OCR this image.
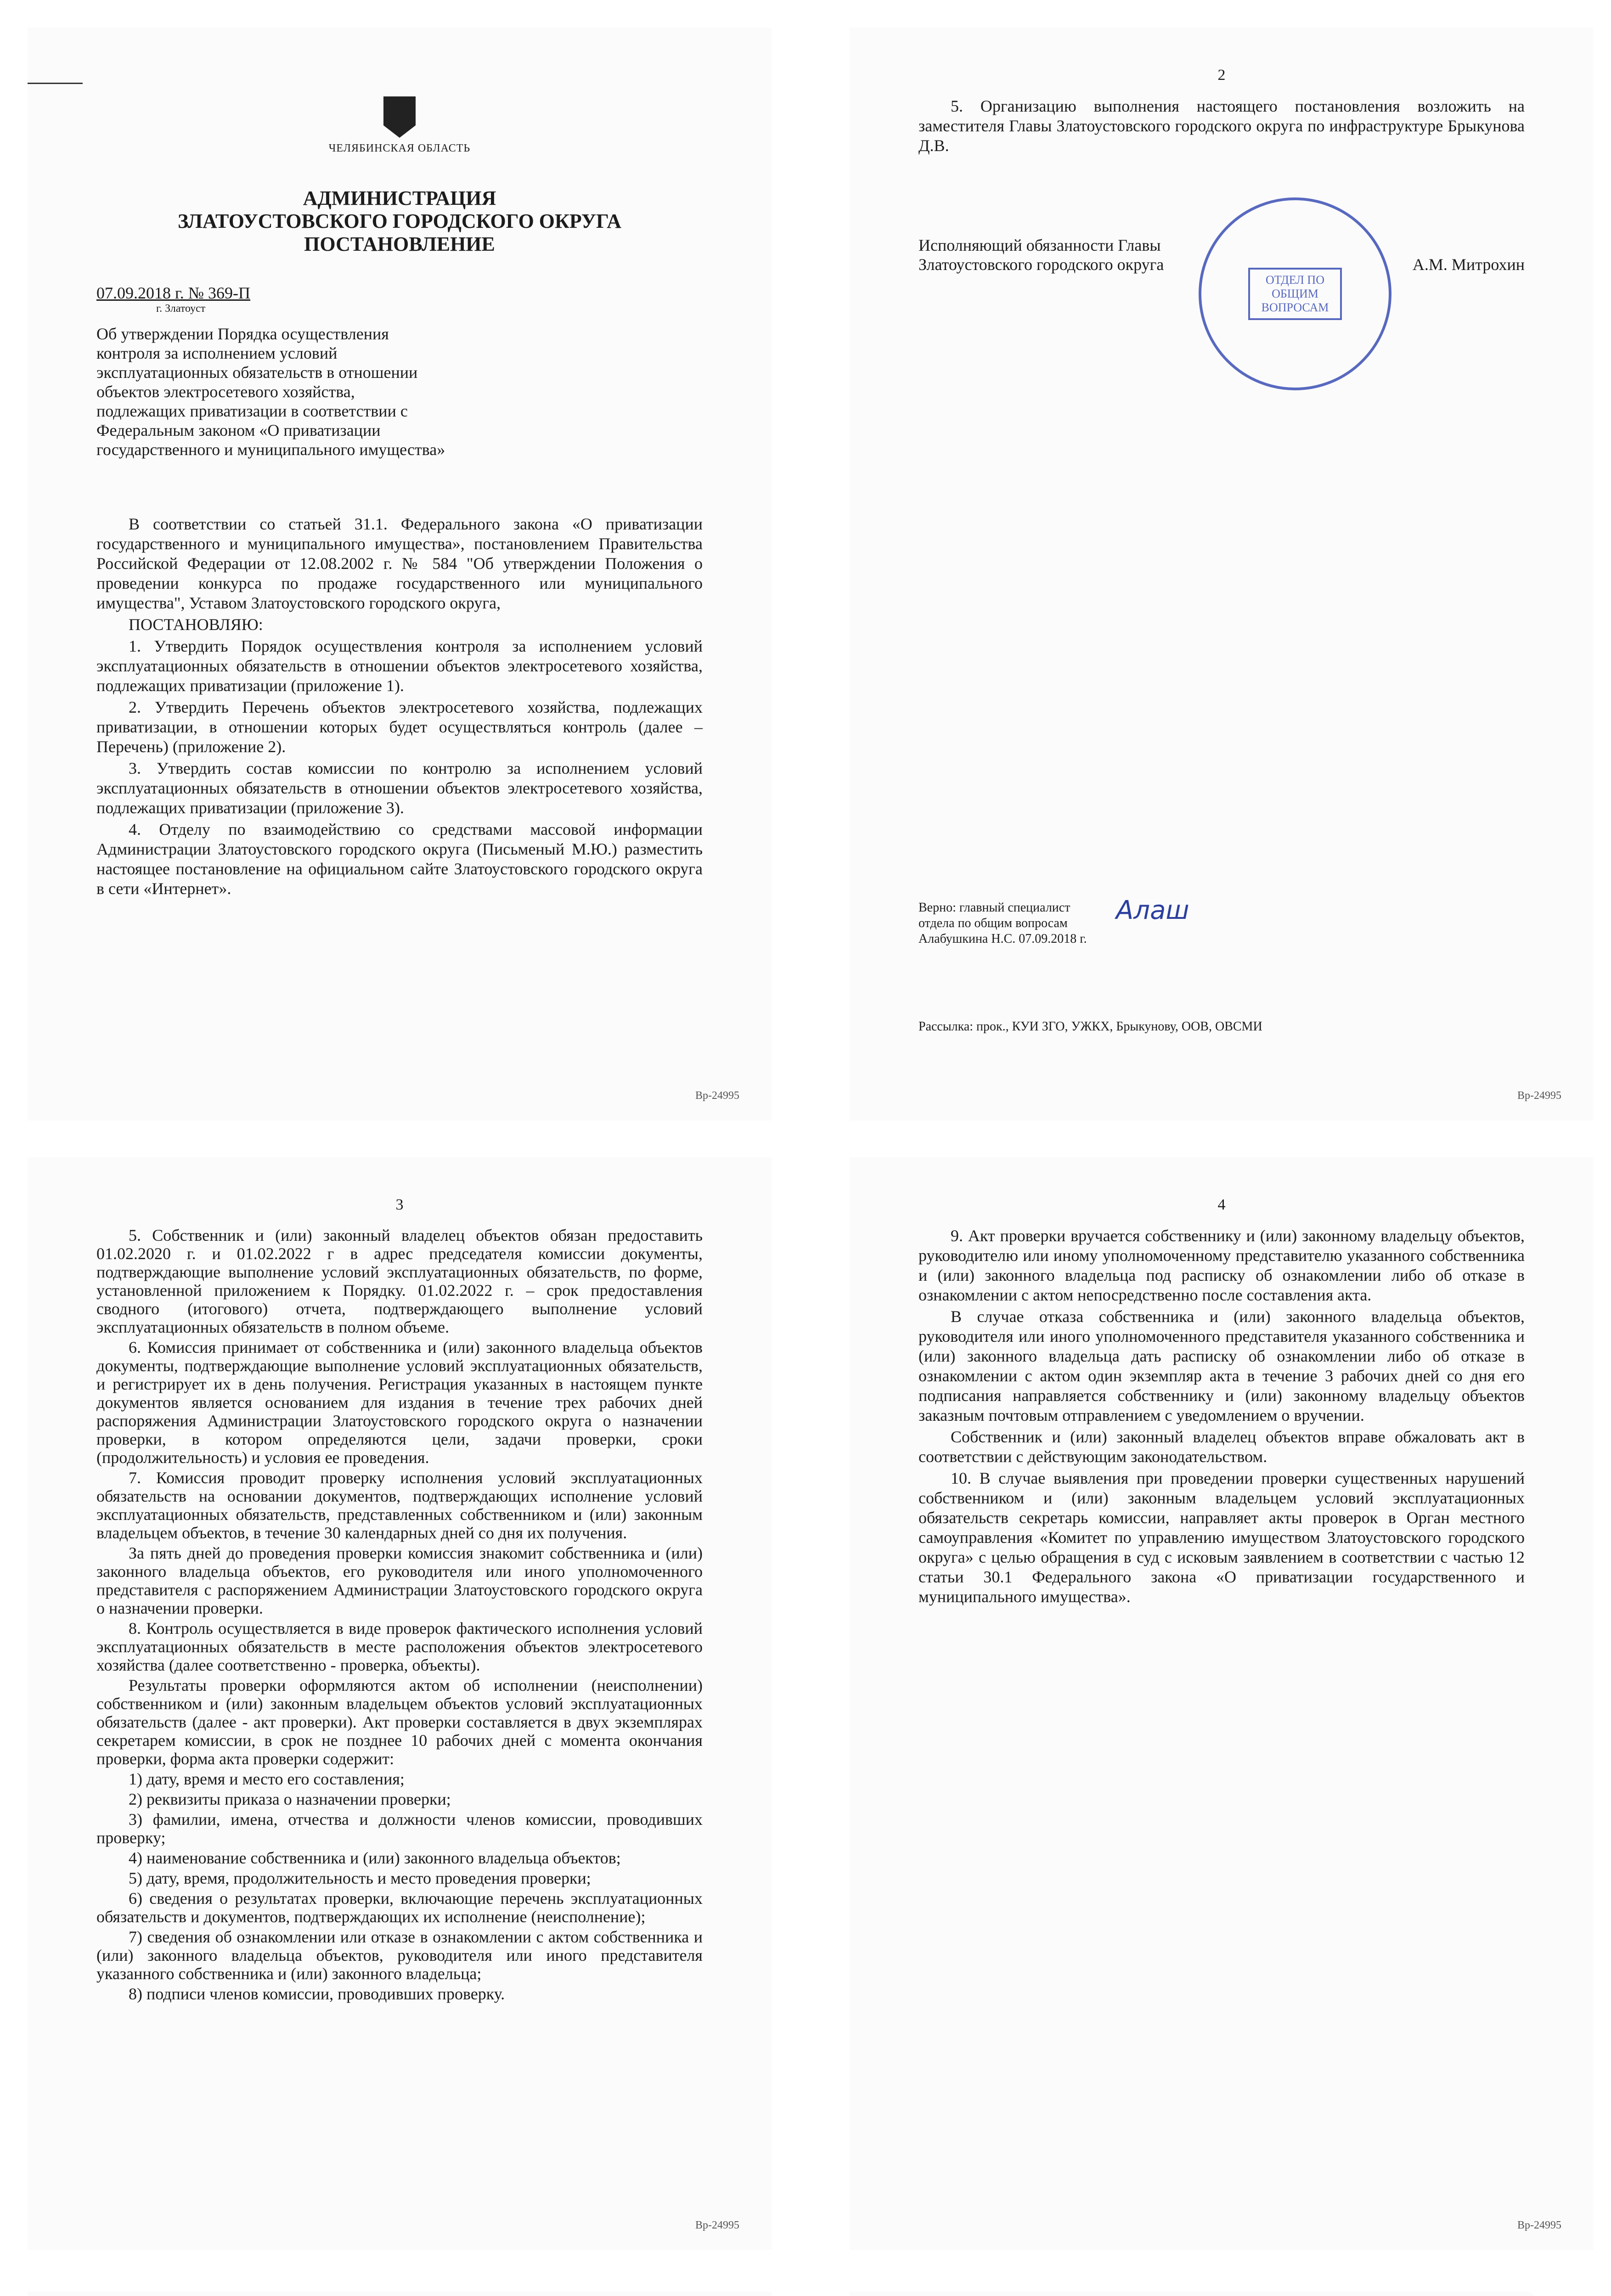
ЧЕЛЯБИНСКАЯ ОБЛАСТЬ
АДМИНИСТРАЦИЯ
ЗЛАТОУСТОВСКОГО ГОРОДСКОГО ОКРУГА
ПОСТАНОВЛЕНИЕ
07.09.2018 г. № 369-П
г. Златоуст
Об утверждении Порядка осуществления контроля за исполнением условий эксплуатационных обязательств в отношении объектов электросетевого хозяйства, подлежащих приватизации в соответствии с Федеральным законом «О приватизации государственного и муниципального имущества»

В соответствии со статьей 31.1. Федерального закона «О приватизации государственного и муниципального имущества», постановлением Правительства Российской Федерации от 12.08.2002 г. № 584 "Об утверждении Положения о проведении конкурса по продаже государственного или муниципального имущества", Уставом Златоустовского городского округа,

ПОСТАНОВЛЯЮ:

1. Утвердить Порядок осуществления контроля за исполнением условий эксплуатационных обязательств в отношении объектов электросетевого хозяйства, подлежащих приватизации (приложение 1).

2. Утвердить Перечень объектов электросетевого хозяйства, подлежащих приватизации, в отношении которых будет осуществляться контроль (далее – Перечень) (приложение 2).

3. Утвердить состав комиссии по контролю за исполнением условий эксплуатационных обязательств в отношении объектов электросетевого хозяйства, подлежащих приватизации (приложение 3).

4. Отделу по взаимодействию со средствами массовой информации Администрации Златоустовского городского округа (Письменый М.Ю.) разместить настоящее постановление на официальном сайте Златоустовского городского округа в сети «Интернет».

Вр-24995
2

5. Организацию выполнения настоящего постановления возложить на заместителя Главы Златоустовского городского округа по инфраструктуре Брыкунова Д.В.

Исполняющий обязанности Главы
Златоустовского городского округа	А.М. Митрохин
ОТДЕЛ ПО ОБЩИМ ВОПРОСАМ
Верно: главный специалист
отдела по общим вопросам
Алабушкина Н.С. 07.09.2018 г.
Алаш
Рассылка: прок., КУИ ЗГО, УЖКХ, Брыкунову, ООВ, ОВСМИ
Вр-24995
3

5. Собственник и (или) законный владелец объектов обязан предоставить 01.02.2020 г. и 01.02.2022 г в адрес председателя комиссии документы, подтверждающие выполнение условий эксплуатационных обязательств, по форме, установленной приложением к Порядку. 01.02.2022 г. – срок предоставления сводного (итогового) отчета, подтверждающего выполнение условий эксплуатационных обязательств в полном объеме.

6. Комиссия принимает от собственника и (или) законного владельца объектов документы, подтверждающие выполнение условий эксплуатационных обязательств, и регистрирует их в день получения. Регистрация указанных в настоящем пункте документов является основанием для издания в течение трех рабочих дней распоряжения Администрации Златоустовского городского округа о назначении проверки, в котором определяются цели, задачи проверки, сроки (продолжительность) и условия ее проведения.

7. Комиссия проводит проверку исполнения условий эксплуатационных обязательств на основании документов, подтверждающих исполнение условий эксплуатационных обязательств, представленных собственником и (или) законным владельцем объектов, в течение 30 календарных дней со дня их получения.

За пять дней до проведения проверки комиссия знакомит собственника и (или) законного владельца объектов, его руководителя или иного уполномоченного представителя с распоряжением Администрации Златоустовского городского округа о назначении проверки.

8. Контроль осуществляется в виде проверок фактического исполнения условий эксплуатационных обязательств в месте расположения объектов электросетевого хозяйства (далее соответственно - проверка, объекты).

Результаты проверки оформляются актом об исполнении (неисполнении) собственником и (или) законным владельцем объектов условий эксплуатационных обязательств (далее - акт проверки). Акт проверки составляется в двух экземплярах секретарем комиссии, в срок не позднее 10 рабочих дней с момента окончания проверки, форма акта проверки содержит:

1) дату, время и место его составления;

2) реквизиты приказа о назначении проверки;

3) фамилии, имена, отчества и должности членов комиссии, проводивших проверку;

4) наименование собственника и (или) законного владельца объектов;

5) дату, время, продолжительность и место проведения проверки;

6) сведения о результатах проверки, включающие перечень эксплуатационных обязательств и документов, подтверждающих их исполнение (неисполнение);

7) сведения об ознакомлении или отказе в ознакомлении с актом собственника и (или) законного владельца объектов, руководителя или иного представителя указанного собственника и (или) законного владельца;

8) подписи членов комиссии, проводивших проверку.

Вр-24995
4

9. Акт проверки вручается собственнику и (или) законному владельцу объектов, руководителю или иному уполномоченному представителю указанного собственника и (или) законного владельца под расписку об ознакомлении либо об отказе в ознакомлении с актом непосредственно после составления акта.

В случае отказа собственника и (или) законного владельца объектов, руководителя или иного уполномоченного представителя указанного собственника и (или) законного владельца дать расписку об ознакомлении либо об отказе в ознакомлении с актом один экземпляр акта в течение 3 рабочих дней со дня его подписания направляется собственнику и (или) законному владельцу объектов заказным почтовым отправлением с уведомлением о вручении.

Собственник и (или) законный владелец объектов вправе обжаловать акт в соответствии с действующим законодательством.

10. В случае выявления при проведении проверки существенных нарушений собственником и (или) законным владельцем условий эксплуатационных обязательств секретарь комиссии, направляет акты проверок в Орган местного самоуправления «Комитет по управлению имуществом Златоустовского городского округа» с целью обращения в суд с исковым заявлением в соответствии с частью 12 статьи 30.1 Федерального закона «О приватизации государственного и муниципального имущества».

Вр-24995
